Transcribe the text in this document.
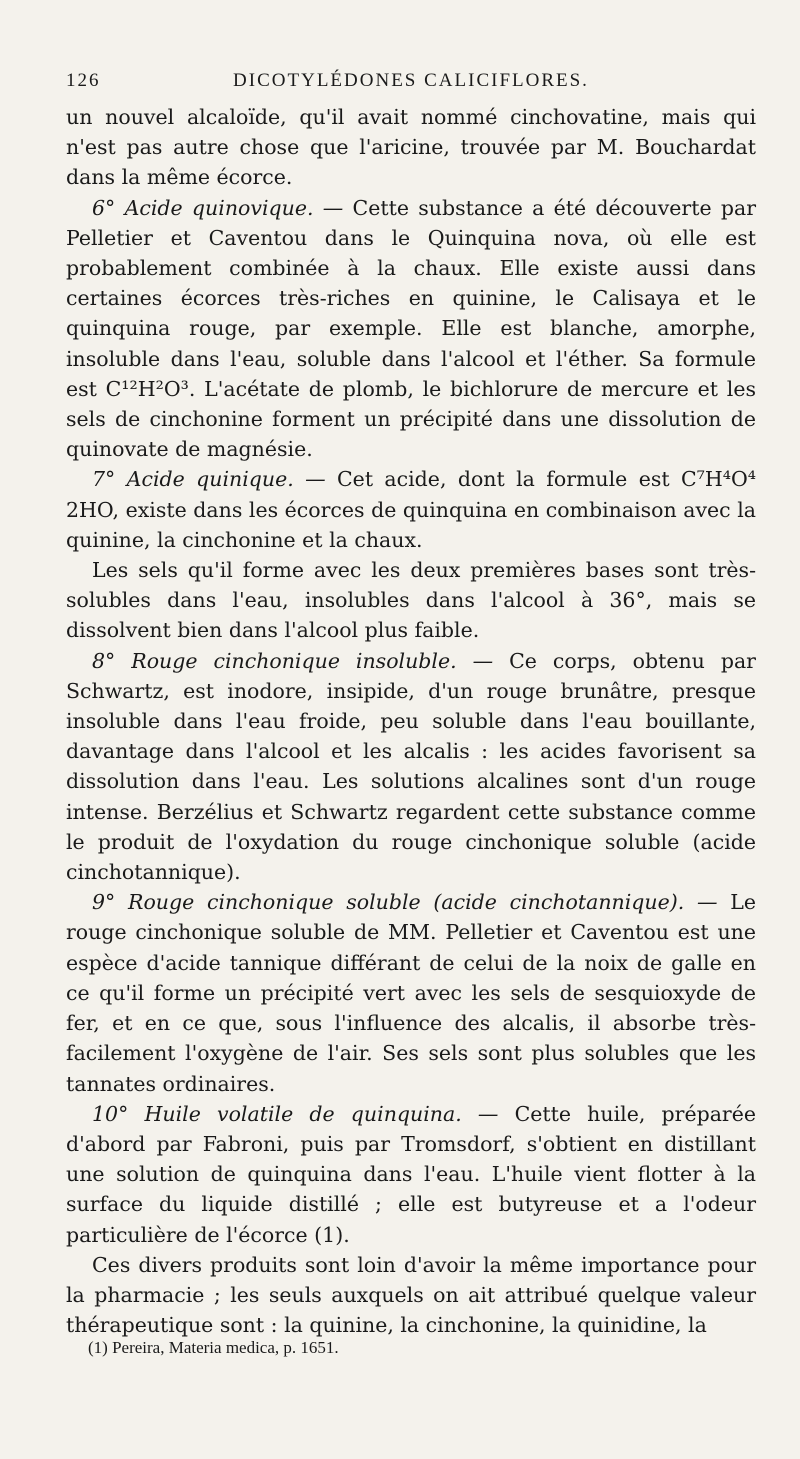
126	DICOTYLÉDONES CALICIFLORES.

un nouvel alcaloïde, qu'il avait nommé cinchovatine, mais qui n'est pas autre chose que l'aricine, trouvée par M. Bouchardat dans la même écorce.

6° Acide quinovique. — Cette substance a été découverte par Pelletier et Caventou dans le Quinquina nova, où elle est probablement combinée à la chaux. Elle existe aussi dans certaines écorces très-riches en quinine, le Calisaya et le quinquina rouge, par exemple. Elle est blanche, amorphe, insoluble dans l'eau, soluble dans l'alcool et l'éther. Sa formule est C¹²H²O³. L'acétate de plomb, le bichlorure de mercure et les sels de cinchonine forment un précipité dans une dissolution de quinovate de magnésie.

7° Acide quinique. — Cet acide, dont la formule est C⁷H⁴O⁴ 2HO, existe dans les écorces de quinquina en combinaison avec la quinine, la cinchonine et la chaux.

Les sels qu'il forme avec les deux premières bases sont très-solubles dans l'eau, insolubles dans l'alcool à 36°, mais se dissolvent bien dans l'alcool plus faible.

8° Rouge cinchonique insoluble. — Ce corps, obtenu par Schwartz, est inodore, insipide, d'un rouge brunâtre, presque insoluble dans l'eau froide, peu soluble dans l'eau bouillante, davantage dans l'alcool et les alcalis : les acides favorisent sa dissolution dans l'eau. Les solutions alcalines sont d'un rouge intense. Berzélius et Schwartz regardent cette substance comme le produit de l'oxydation du rouge cinchonique soluble (acide cinchotannique).

9° Rouge cinchonique soluble (acide cinchotannique). — Le rouge cinchonique soluble de MM. Pelletier et Caventou est une espèce d'acide tannique différant de celui de la noix de galle en ce qu'il forme un précipité vert avec les sels de sesquioxyde de fer, et en ce que, sous l'influence des alcalis, il absorbe très-facilement l'oxygène de l'air. Ses sels sont plus solubles que les tannates ordinaires.

10° Huile volatile de quinquina. — Cette huile, préparée d'abord par Fabroni, puis par Tromsdorf, s'obtient en distillant une solution de quinquina dans l'eau. L'huile vient flotter à la surface du liquide distillé ; elle est butyreuse et a l'odeur particulière de l'écorce (1).

Ces divers produits sont loin d'avoir la même importance pour la pharmacie ; les seuls auxquels on ait attribué quelque valeur thérapeutique sont : la quinine, la cinchonine, la quinidine, la

(1) Pereira, Materia medica, p. 1651.
